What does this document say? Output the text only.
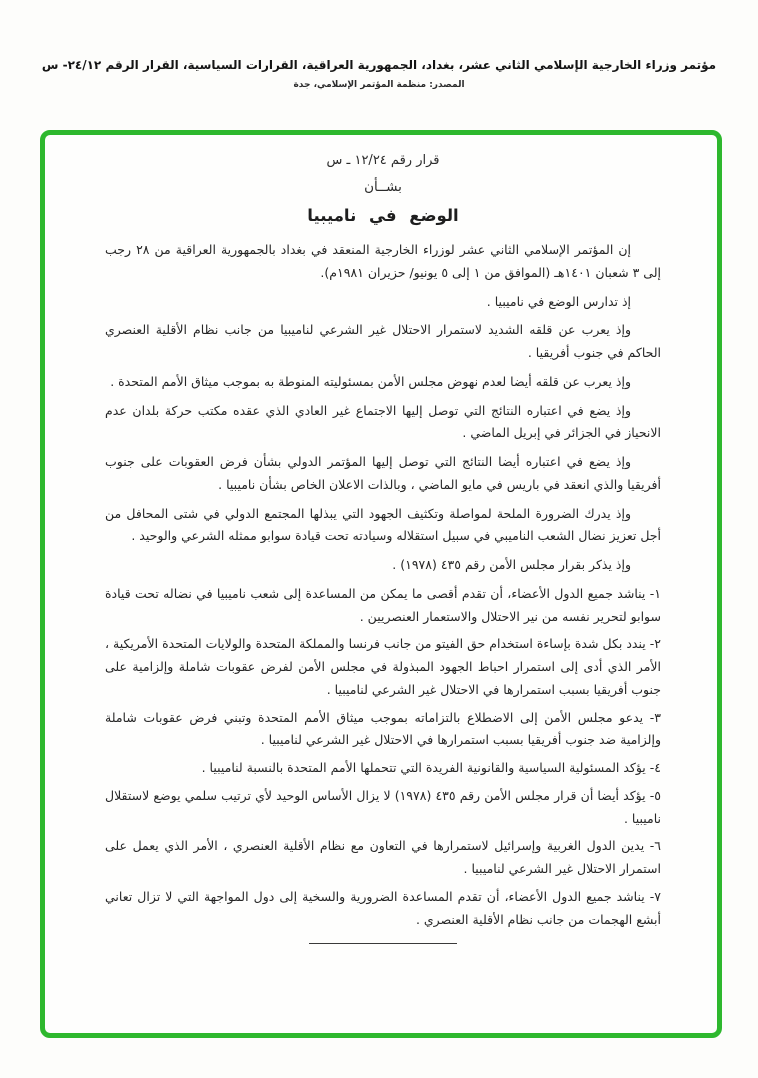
مؤتمر وزراء الخارجية الإسلامي الثاني عشر، بغداد، الجمهورية العراقية، القرارات السياسية، القرار الرقم ٢٤/١٢- س
المصدر: منظمة المؤتمر الإسلامي، جدة
قرار رقم ١٢/٢٤ ـ س
بشــأن
الوضع في ناميبيا

إن المؤتمر الإسلامي الثاني عشر لوزراء الخارجية المنعقد في بغداد بالجمهورية العراقية من ٢٨ رجب إلى ٣ شعبان ١٤٠١هـ (الموافق من ١ إلى ٥ يونيو/ حزيران ١٩٨١م).

إذ تدارس الوضع في ناميبيا .

وإذ يعرب عن قلقه الشديد لاستمرار الاحتلال غير الشرعي لناميبيا من جانب نظام الأقلية العنصري الحاكم في جنوب أفريقيا .

وإذ يعرب عن قلقه أيضا لعدم نهوض مجلس الأمن بمسئوليته المنوطة به بموجب ميثاق الأمم المتحدة .

وإذ يضع في اعتباره النتائج التي توصل إليها الاجتماع غير العادي الذي عقده مكتب حركة بلدان عدم الانحياز في الجزائر في إبريل الماضي .

وإذ يضع في اعتباره أيضا النتائج التي توصل إليها المؤتمر الدولي بشأن فرض العقوبات على جنوب أفريقيا والذي انعقد في باريس في مايو الماضي ، وبالذات الاعلان الخاص بشأن ناميبيا .

وإذ يدرك الضرورة الملحة لمواصلة وتكثيف الجهود التي يبذلها المجتمع الدولي في شتى المحافل من أجل تعزيز نضال الشعب الناميبي في سبيل استقلاله وسيادته تحت قيادة سوابو ممثله الشرعي والوحيد .

وإذ يذكر بقرار مجلس الأمن رقم ٤٣٥ (١٩٧٨) .

١- يناشد جميع الدول الأعضاء، أن تقدم أقصى ما يمكن من المساعدة إلى شعب ناميبيا في نضاله تحت قيادة سوابو لتحرير نفسه من نير الاحتلال والاستعمار العنصريين .
٢- يندد بكل شدة بإساءة استخدام حق الفيتو من جانب فرنسا والمملكة المتحدة والولايات المتحدة الأمريكية ، الأمر الذي أدى إلى استمرار احباط الجهود المبذولة في مجلس الأمن لفرض عقوبات شاملة وإلزامية على جنوب أفريقيا بسبب استمرارها في الاحتلال غير الشرعي لناميبيا .
٣- يدعو مجلس الأمن إلى الاضطلاع بالتزاماته بموجب ميثاق الأمم المتحدة وتبني فرض عقوبات شاملة وإلزامية ضد جنوب أفريقيا بسبب استمرارها في الاحتلال غير الشرعي لناميبيا .
٤- يؤكد المسئولية السياسية والقانونية الفريدة التي تتحملها الأمم المتحدة بالنسبة لناميبيا .
٥- يؤكد أيضا أن قرار مجلس الأمن رقم ٤٣٥ (١٩٧٨) لا يزال الأساس الوحيد لأي ترتيب سلمي يوضع لاستقلال ناميبيا .
٦- يدين الدول الغربية وإسرائيل لاستمرارها في التعاون مع نظام الأقلية العنصري ، الأمر الذي يعمل على استمرار الاحتلال غير الشرعي لناميبيا .
٧- يناشد جميع الدول الأعضاء، أن تقدم المساعدة الضرورية والسخية إلى دول المواجهة التي لا تزال تعاني أبشع الهجمات من جانب نظام الأقلية العنصري .
